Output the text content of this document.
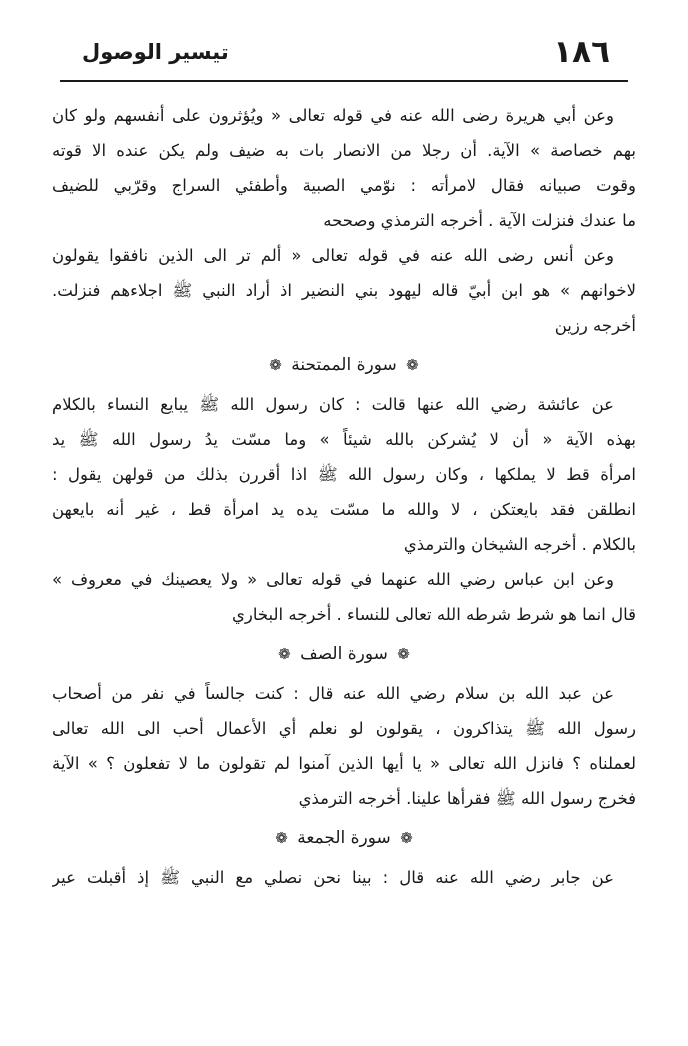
١٨٦
تيسير الوصول
وعن أبي هريرة رضى الله عنه في قوله تعالى « ويُؤثرون على أنفسهم ولو كان
بهم خصاصة » الآية. أن رجلا من الانصار بات به ضيف ولم يكن عنده الا قوته
وقوت صبيانه فقال لامرأته : نوّمي الصبية وأطفئي السراج وقرّبي للضيف
ما عندك فنزلت الآية . أخرجه الترمذي وصححه
وعن أنس رضى الله عنه في قوله تعالى « ألم تر الى الذين نافقوا يقولون
لاخوانهم » هو ابن أبيّ قاله ليهود بني النضير اذ أراد النبي ﷺ اجلاءهم فنزلت.
أخرجه رزين
❁ سورة الممتحنة ❁
عن عائشة رضي الله عنها قالت : كان رسول الله ﷺ يبايع النساء بالكلام
بهذه الآية « أن لا يُشركن بالله شيئاً » وما مسّت يدُ رسول الله ﷺ يد
امرأة قط لا يملكها ، وكان رسول الله ﷺ اذا أقررن بذلك من قولهن يقول :
انطلقن فقد بايعتكن ، لا والله ما مسّت يده يد امرأة قط ، غير أنه بايعهن
بالكلام . أخرجه الشيخان والترمذي
وعن ابن عباس رضي الله عنهما في قوله تعالى « ولا يعصينك في معروف »
قال انما هو شرط شرطه الله تعالى للنساء . أخرجه البخاري
❁ سورة الصف ❁
عن عبد الله بن سلام رضي الله عنه قال : كنت جالساً في نفر من أصحاب
رسول الله ﷺ يتذاكرون ، يقولون لو نعلم أي الأعمال أحب الى الله تعالى
لعملناه ؟ فانزل الله تعالى « يا أيها الذين آمنوا لم تقولون ما لا تفعلون ؟ » الآية
فخرج رسول الله ﷺ فقرأها علينا. أخرجه الترمذي
❁ سورة الجمعة ❁
عن جابر رضي الله عنه قال : بينا نحن نصلي مع النبي ﷺ إذ أقبلت عير
